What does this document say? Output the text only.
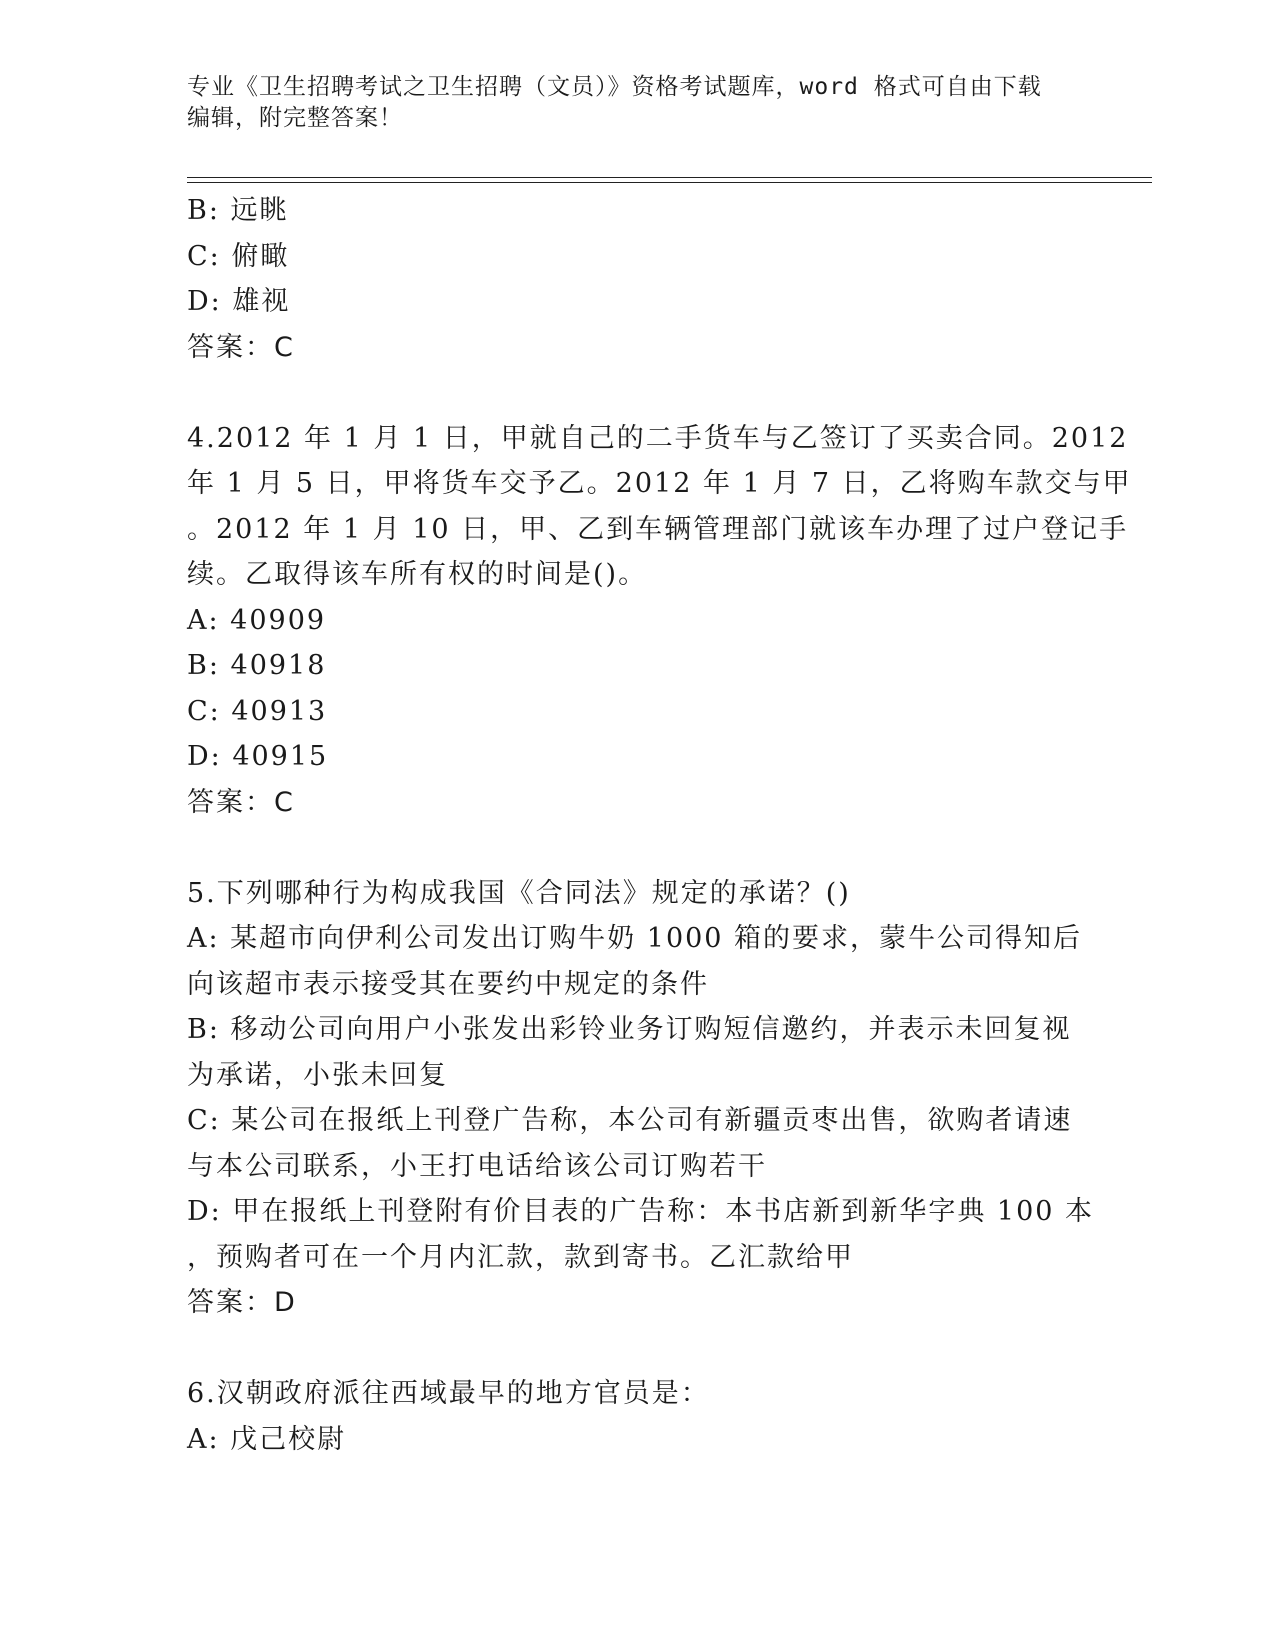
专业《卫生招聘考试之卫生招聘（文员）》资格考试题库，word 格式可自由下载
编辑，附完整答案！
B: 远眺
C: 俯瞰
D: 雄视
答案：C
4.2012 年 1 月 1 日，甲就自己的二手货车与乙签订了买卖合同。2012
年 1 月 5 日，甲将货车交予乙。2012 年 1 月 7 日，乙将购车款交与甲
。2012 年 1 月 10 日，甲、乙到车辆管理部门就该车办理了过户登记手
续。乙取得该车所有权的时间是()。
A: 40909
B: 40918
C: 40913
D: 40915
答案：C
5.下列哪种行为构成我国《合同法》规定的承诺？()
A: 某超市向伊利公司发出订购牛奶 1000 箱的要求，蒙牛公司得知后
向该超市表示接受其在要约中规定的条件
B: 移动公司向用户小张发出彩铃业务订购短信邀约，并表示未回复视
为承诺，小张未回复
C: 某公司在报纸上刊登广告称，本公司有新疆贡枣出售，欲购者请速
与本公司联系，小王打电话给该公司订购若干
D: 甲在报纸上刊登附有价目表的广告称：本书店新到新华字典 100 本
，预购者可在一个月内汇款，款到寄书。乙汇款给甲
答案：D
6.汉朝政府派往西域最早的地方官员是：
A: 戊己校尉
